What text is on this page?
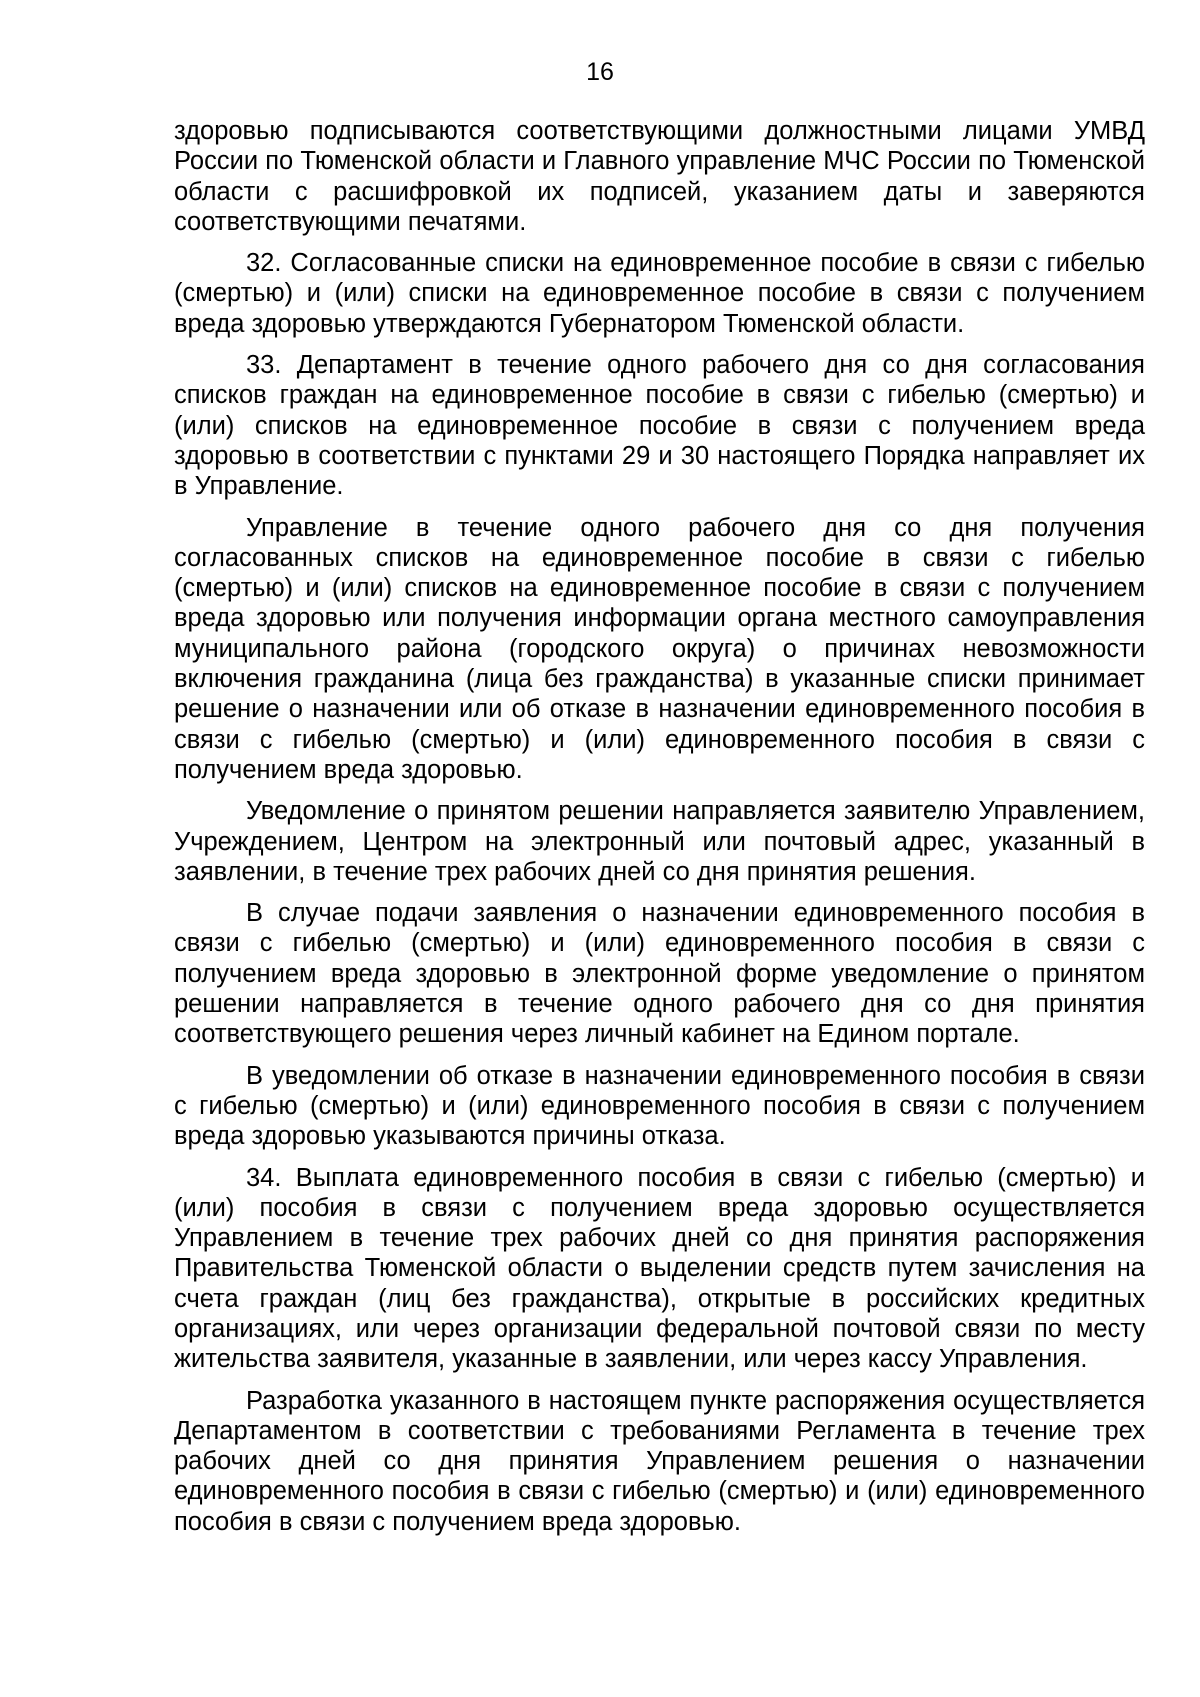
16

здоровью подписываются соответствующими должностными лицами УМВД России по Тюменской области и Главного управление МЧС России по Тюменской области с расшифровкой их подписей, указанием даты и заверяются соответствующими печатями.

32. Согласованные списки на единовременное пособие в связи с гибелью (смертью) и (или) списки на единовременное пособие в связи с получением вреда здоровью утверждаются Губернатором Тюменской области.

33. Департамент в течение одного рабочего дня со дня согласования списков граждан на единовременное пособие в связи с гибелью (смертью) и (или) списков на единовременное пособие в связи с получением вреда здоровью в соответствии с пунктами 29 и 30 настоящего Порядка направляет их в Управление.

Управление в течение одного рабочего дня со дня получения согласованных списков на единовременное пособие в связи с гибелью (смертью) и (или) списков на единовременное пособие в связи с получением вреда здоровью или получения информации органа местного самоуправления муниципального района (городского округа) о причинах невозможности включения гражданина (лица без гражданства) в указанные списки принимает решение о назначении или об отказе в назначении единовременного пособия в связи с гибелью (смертью) и (или) единовременного пособия в связи с получением вреда здоровью.

Уведомление о принятом решении направляется заявителю Управлением, Учреждением, Центром на электронный или почтовый адрес, указанный в заявлении, в течение трех рабочих дней со дня принятия решения.

В случае подачи заявления о назначении единовременного пособия в связи с гибелью (смертью) и (или) единовременного пособия в связи с получением вреда здоровью в электронной форме уведомление о принятом решении направляется в течение одного рабочего дня со дня принятия соответствующего решения через личный кабинет на Едином портале.

В уведомлении об отказе в назначении единовременного пособия в связи с гибелью (смертью) и (или) единовременного пособия в связи с получением вреда здоровью указываются причины отказа.

34. Выплата единовременного пособия в связи с гибелью (смертью) и (или) пособия в связи с получением вреда здоровью осуществляется Управлением в течение трех рабочих дней со дня принятия распоряжения Правительства Тюменской области о выделении средств путем зачисления на счета граждан (лиц без гражданства), открытые в российских кредитных организациях, или через организации федеральной почтовой связи по месту жительства заявителя, указанные в заявлении, или через кассу Управления.

Разработка указанного в настоящем пункте распоряжения осуществляется Департаментом в соответствии с требованиями Регламента в течение трех рабочих дней со дня принятия Управлением решения о назначении единовременного пособия в связи с гибелью (смертью) и (или) единовременного пособия в связи с получением вреда здоровью.
